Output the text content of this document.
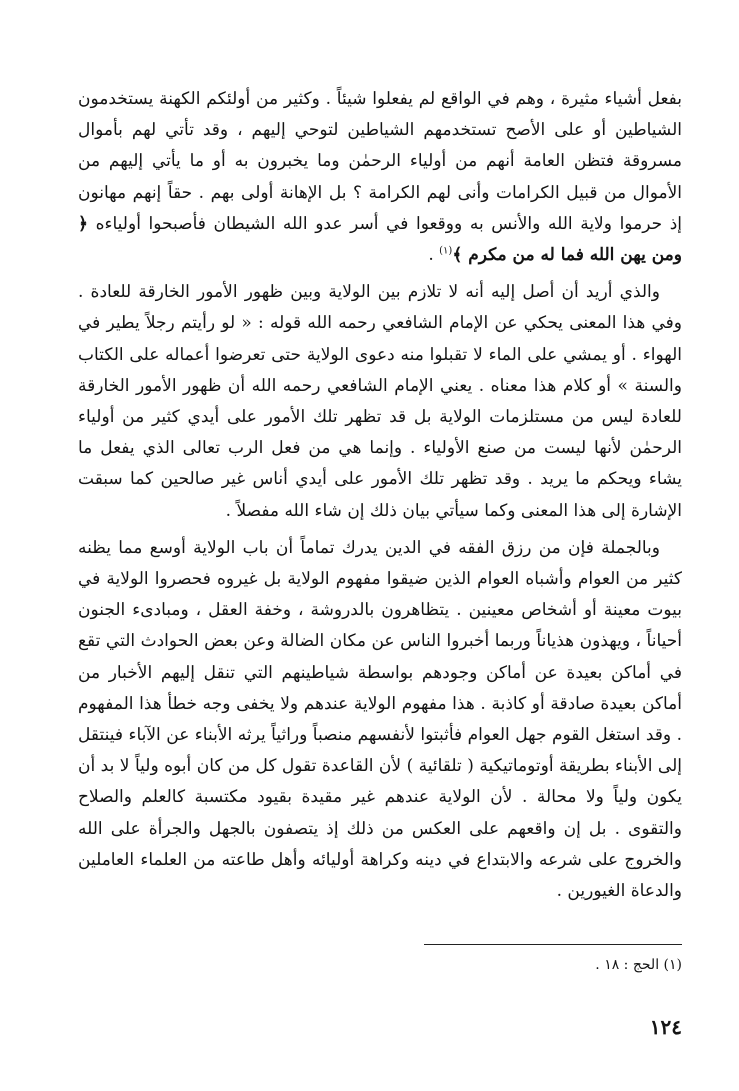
بفعل أشياء مثيرة ، وهم في الواقع لم يفعلوا شيئاً . وكثير من أولئكم الكهنة يستخدمون الشياطين أو على الأصح تستخدمهم الشياطين لتوحي إليهم ، وقد تأتي لهم بأموال مسروقة فتظن العامة أنهم من أولياء الرحمٰن وما يخبرون به أو ما يأتي إليهم من الأموال من قبيل الكرامات وأنى لهم الكرامة ؟ بل الإهانة أولى بهم . حقاً إنهم مهانون إذ حرموا ولاية الله والأنس به ووقعوا في أسر عدو الله الشيطان فأصبحوا أولياءه ﴿ ومن يهن الله فما له من مكرم ﴾$^{(١)}$ .

والذي أريد أن أصل إليه أنه لا تلازم بين الولاية وبين ظهور الأمور الخارقة للعادة . وفي هذا المعنى يحكي عن الإمام الشافعي رحمه الله قوله : « لو رأيتم رجلاً يطير في الهواء . أو يمشي على الماء لا تقبلوا منه دعوى الولاية حتى تعرضوا أعماله على الكتاب والسنة » أو كلام هذا معناه . يعني الإمام الشافعي رحمه الله أن ظهور الأمور الخارقة للعادة ليس من مستلزمات الولاية بل قد تظهر تلك الأمور على أيدي كثير من أولياء الرحمٰن لأنها ليست من صنع الأولياء . وإنما هي من فعل الرب تعالى الذي يفعل ما يشاء ويحكم ما يريد . وقد تظهر تلك الأمور على أيدي أناس غير صالحين كما سبقت الإشارة إلى هذا المعنى وكما سيأتي بيان ذلك إن شاء الله مفصلاً .

وبالجملة فإن من رزق الفقه في الدين يدرك تماماً أن باب الولاية أوسع مما يظنه كثير من العوام وأشباه العوام الذين ضيقوا مفهوم الولاية بل غيروه فحصروا الولاية في بيوت معينة أو أشخاص معينين . يتظاهرون بالدروشة ، وخفة العقل ، ومبادىء الجنون أحياناً ، ويهذون هذياناً وربما أخبروا الناس عن مكان الضالة وعن بعض الحوادث التي تقع في أماكن بعيدة عن أماكن وجودهم بواسطة شياطينهم التي تنقل إليهم الأخبار من أماكن بعيدة صادقة أو كاذبة . هذا مفهوم الولاية عندهم ولا يخفى وجه خطأ هذا المفهوم . وقد استغل القوم جهل العوام فأثبتوا لأنفسهم منصباً وراثياً يرثه الأبناء عن الآباء فينتقل إلى الأبناء بطريقة أوتوماتيكية ( تلقائية ) لأن القاعدة تقول كل من كان أبوه ولياً لا بد أن يكون ولياً ولا محالة . لأن الولاية عندهم غير مقيدة بقيود مكتسبة كالعلم والصلاح والتقوى . بل إن واقعهم على العكس من ذلك إذ يتصفون بالجهل والجرأة على الله والخروج على شرعه والابتداع في دينه وكراهة أوليائه وأهل طاعته من العلماء العاملين والدعاة الغيورين .

(١) الحج : ١٨ .
١٢٤
